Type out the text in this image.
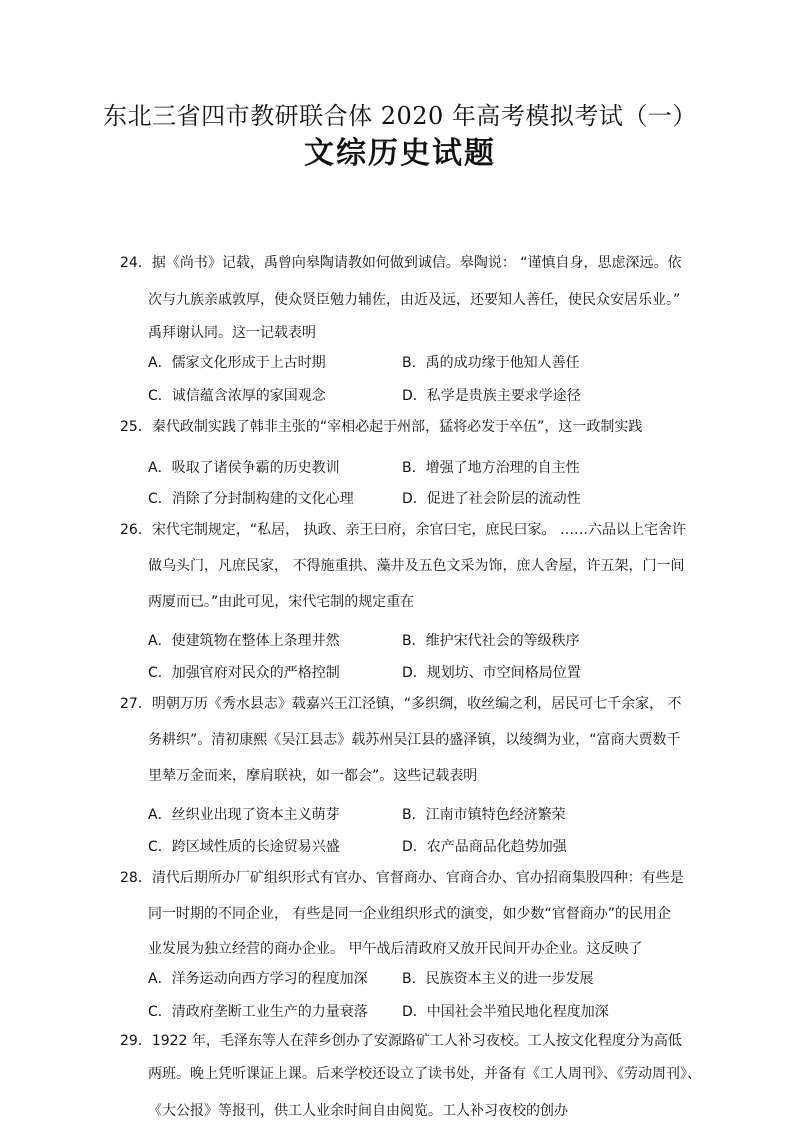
东北三省四市教研联合体 2020 年高考模拟考试（一）
文综历史试题
24．据《尚书》记载，禹曾向皋陶请教如何做到诚信。皋陶说： “谨慎自身，思虑深远。依
次与九族亲戚敦厚，使众贤臣勉力辅佐，由近及远，还要知人善任，使民众安居乐业。”
禹拜谢认同。这一记载表明
A．儒家文化形成于上古时期	B．禹的成功缘于他知人善任
C．诚信蕴含浓厚的家国观念	D．私学是贵族主要求学途径
25．秦代政制实践了韩非主张的“宰相必起于州部，猛将必发于卒伍”，这一政制实践
A．吸取了诸侯争霸的历史教训	B．增强了地方治理的自主性
C．消除了分封制构建的文化心理	D．促进了社会阶层的流动性
26．宋代宅制规定，“私居， 执政、亲王曰府，余官曰宅，庶民曰家。 ……六品以上宅舍许
做乌头门，凡庶民家， 不得施重拱、藻井及五色文采为饰，庶人舍屋，许五架，门一间
两厦而已。”由此可见，宋代宅制的规定重在
A．使建筑物在整体上条理井然	B．维护宋代社会的等级秩序
C．加强官府对民众的严格控制	D．规划坊、市空间格局位置
27．明朝万历《秀水县志》载嘉兴王江泾镇，“多织绸，收丝编之利，居民可七千余家， 不
务耕织”。清初康熙《吴江县志》载苏州吴江县的盛泽镇，以绫绸为业，“富商大贾数千
里辇万金而来，摩肩联袂，如一都会”。这些记载表明
A．丝织业出现了资本主义萌芽	B．江南市镇特色经济繁荣
C．跨区域性质的长途贸易兴盛	D．农产品商品化趋势加强
28．清代后期所办厂矿组织形式有官办、官督商办、官商合办、官办招商集股四种：有些是
同一时期的不同企业， 有些是同一企业组织形式的演变，如少数“官督商办”的民用企
业发展为独立经营的商办企业。 甲午战后清政府又放开民间开办企业。这反映了
A．洋务运动向西方学习的程度加深 B．民族资本主义的进一步发展
C．清政府垄断工业生产的力量衰落 D．中国社会半殖民地化程度加深
29．1922 年，毛泽东等人在萍乡创办了安源路矿工人补习夜校。工人按文化程度分为高低
两班。晚上凭听课证上课。后来学校还设立了读书处，并备有《工人周刊》、《劳动周刊》、
《大公报》等报刊，供工人业余时间自由阅览。工人补习夜校的创办
